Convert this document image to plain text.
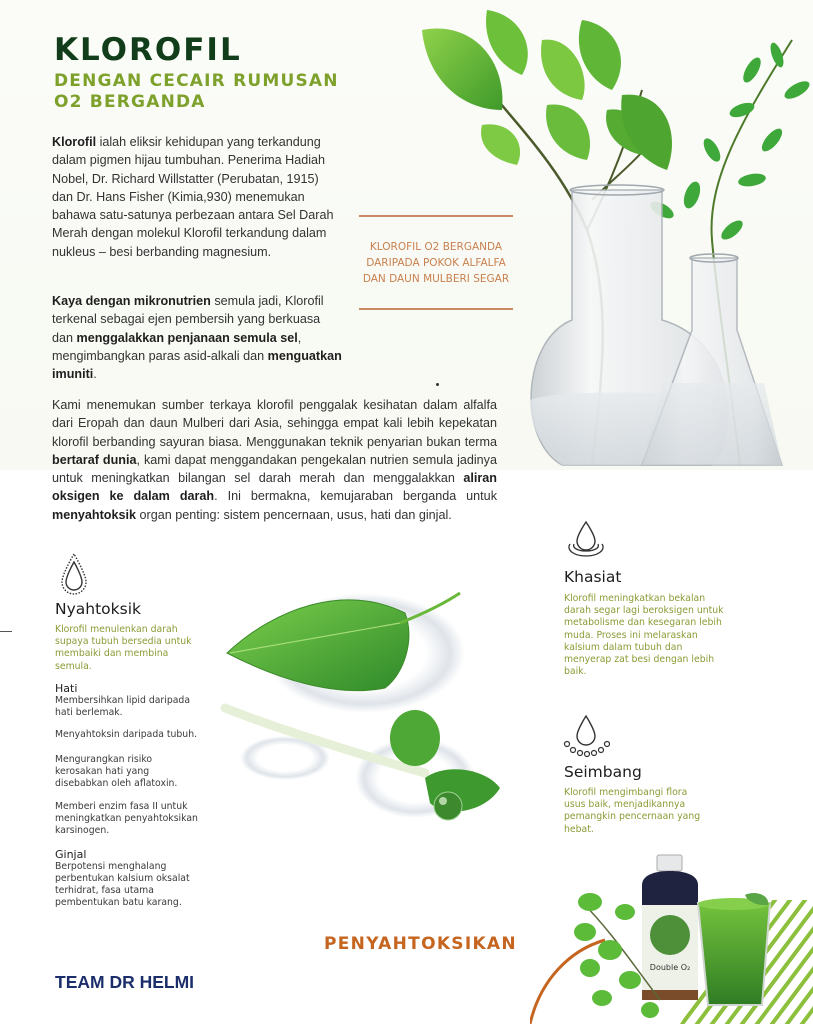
KLOROFIL
DENGAN CECAIR RUMUSAN
O2 BERGANDA

Klorofil ialah eliksir kehidupan yang terkandung dalam pigmen hijau tumbuhan. Penerima Hadiah Nobel, Dr. Richard Willstatter (Perubatan, 1915) dan Dr. Hans Fisher (Kimia,930) menemukan bahawa satu-satunya perbezaan antara Sel Darah Merah dengan molekul Klorofil terkandung dalam nukleus – besi berbanding magnesium.

Kaya dengan mikronutrien semula jadi, Klorofil terkenal sebagai ejen pembersih yang berkuasa dan menggalakkan penjanaan semula sel, mengimbangkan paras asid-alkali dan menguatkan imuniti.

Kami menemukan sumber terkaya klorofil penggalak kesihatan dalam alfalfa dari Eropah dan daun Mulberi dari Asia, sehingga empat kali lebih kepekatan klorofil berbanding sayuran biasa. Menggunakan teknik penyarian bukan terma bertaraf dunia, kami dapat menggandakan pengekalan nutrien semula jadinya untuk meningkatkan bilangan sel darah merah dan menggalakkan aliran oksigen ke dalam darah. Ini bermakna, kemujaraban berganda untuk menyahtoksik organ penting: sistem pencernaan, usus, hati dan ginjal.

KLOROFIL O2 BERGANDA DARIPADA POKOK ALFALFA DAN DAUN MULBERI SEGAR
Nyahtoksik
Klorofil menulenkan darah supaya tubuh bersedia untuk membaiki dan membina semula.
Hati
Membersihkan lipid daripada hati berlemak.
Menyahtoksin daripada tubuh.
Mengurangkan risiko kerosakan hati yang disebabkan oleh aflatoxin.
Memberi enzim fasa II untuk meningkatkan penyahtoksikan karsinogen.
Ginjal
Berpotensi menghalang perbentukan kalsium oksalat terhidrat, fasa utama pembentukan batu karang.
Khasiat
Klorofil meningkatkan bekalan darah segar lagi beroksigen untuk metabolisme dan kesegaran lebih muda. Proses ini melaraskan kalsium dalam tubuh dan menyerap zat besi dengan lebih baik.
Seimbang
Klorofil mengimbangi flora usus baik, menjadikannya pemangkin pencernaan yang hebat.
PENYAHTOKSIKAN
TEAM DR HELMI
Double O₂
